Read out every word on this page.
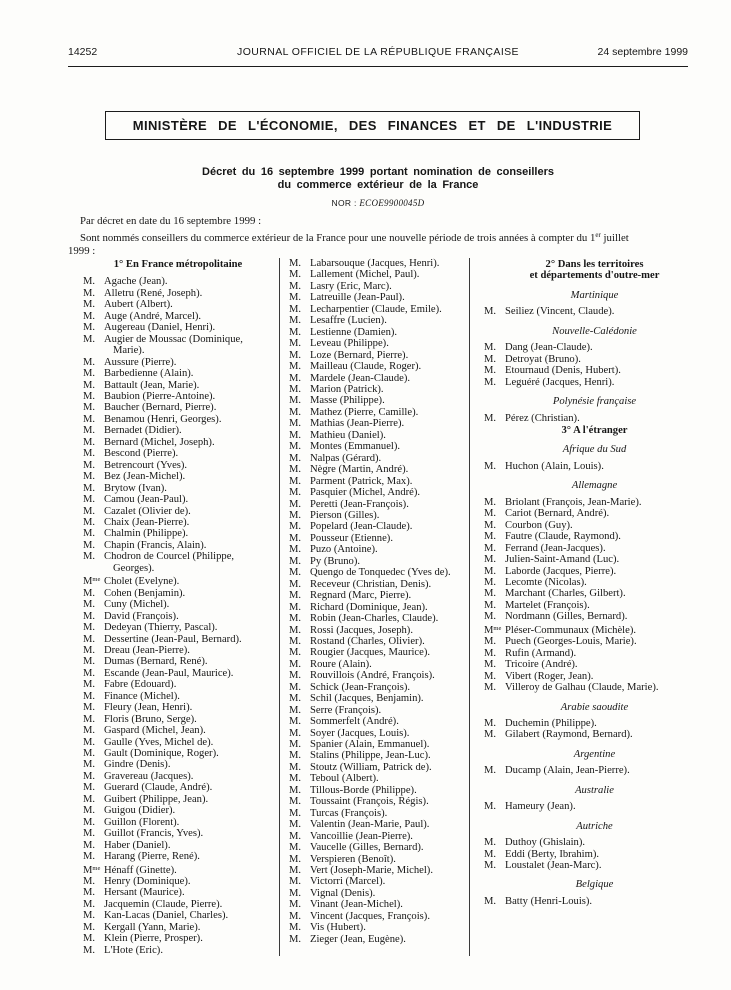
14252	JOURNAL OFFICIEL DE LA RÉPUBLIQUE FRANÇAISE	24 septembre 1999
MINISTÈRE DE L'ÉCONOMIE, DES FINANCES ET DE L'INDUSTRIE
Décret du 16 septembre 1999 portant nomination de conseillers
du commerce extérieur de la France
NOR : ECOE9900045D
Par décret en date du 16 septembre 1999 :
Sont nommés conseillers du commerce extérieur de la France pour une nouvelle période de trois années à compter du 1er juillet
1999 :
1° En France métropolitaine
M. Agache (Jean).
M. Alletru (René, Joseph).
M. Aubert (Albert).
M. Auge (André, Marcel).
M. Augereau (Daniel, Henri).
M. Augier de Moussac (Dominique, Marie).
M. Aussure (Pierre).
M. Barbedienne (Alain).
M. Battault (Jean, Marie).
M. Baubion (Pierre-Antoine).
M. Baucher (Bernard, Pierre).
M. Benamou (Henri, Georges).
M. Bernadet (Didier).
M. Bernard (Michel, Joseph).
M. Bescond (Pierre).
M. Betrencourt (Yves).
M. Bez (Jean-Michel).
M. Brytow (Ivan).
M. Camou (Jean-Paul).
M. Cazalet (Olivier de).
M. Chaix (Jean-Pierre).
M. Chalmin (Philippe).
M. Chapin (Francis, Alain).
M. Chodron de Courcel (Philippe, Georges).
$M^{me}$ Cholet (Evelyne).
M. Cohen (Benjamin).
M. Cuny (Michel).
M. David (François).
M. Dedeyan (Thierry, Pascal).
M. Dessertine (Jean-Paul, Bernard).
M. Dreau (Jean-Pierre).
M. Dumas (Bernard, René).
M. Escande (Jean-Paul, Maurice).
M. Fabre (Edouard).
M. Finance (Michel).
M. Fleury (Jean, Henri).
M. Floris (Bruno, Serge).
M. Gaspard (Michel, Jean).
M. Gaulle (Yves, Michel de).
M. Gault (Dominique, Roger).
M. Gindre (Denis).
M. Gravereau (Jacques).
M. Guerard (Claude, André).
M. Guibert (Philippe, Jean).
M. Guigou (Didier).
M. Guillon (Florent).
M. Guillot (Francis, Yves).
M. Haber (Daniel).
M. Harang (Pierre, René).
$M^{me}$ Hénaff (Ginette).
M. Henry (Dominique).
M. Hersant (Maurice).
M. Jacquemin (Claude, Pierre).
M. Kan-Lacas (Daniel, Charles).
M. Kergall (Yann, Marie).
M. Klein (Pierre, Prosper).
M. L'Hote (Eric).
M. Labarsouque (Jacques, Henri).
M. Lallement (Michel, Paul).
M. Lasry (Eric, Marc).
M. Latreuille (Jean-Paul).
M. Lecharpentier (Claude, Emile).
M. Lesaffre (Lucien).
M. Lestienne (Damien).
M. Leveau (Philippe).
M. Loze (Bernard, Pierre).
M. Mailleau (Claude, Roger).
M. Mardele (Jean-Claude).
M. Marion (Patrick).
M. Masse (Philippe).
M. Mathez (Pierre, Camille).
M. Mathias (Jean-Pierre).
M. Mathieu (Daniel).
M. Montes (Emmanuel).
M. Nalpas (Gérard).
M. Nègre (Martin, André).
M. Parment (Patrick, Max).
M. Pasquier (Michel, André).
M. Peretti (Jean-François).
M. Pierson (Gilles).
M. Popelard (Jean-Claude).
M. Pousseur (Etienne).
M. Puzo (Antoine).
M. Py (Bruno).
M. Quengo de Tonquedec (Yves de).
M. Receveur (Christian, Denis).
M. Regnard (Marc, Pierre).
M. Richard (Dominique, Jean).
M. Robin (Jean-Charles, Claude).
M. Rossi (Jacques, Joseph).
M. Rostand (Charles, Olivier).
M. Rougier (Jacques, Maurice).
M. Roure (Alain).
M. Rouvillois (André, François).
M. Schick (Jean-François).
M. Schil (Jacques, Benjamin).
M. Serre (François).
M. Sommerfelt (André).
M. Soyer (Jacques, Louis).
M. Spanier (Alain, Emmanuel).
M. Stalins (Philippe, Jean-Luc).
M. Stoutz (William, Patrick de).
M. Teboul (Albert).
M. Tillous-Borde (Philippe).
M. Toussaint (François, Régis).
M. Turcas (François).
M. Valentin (Jean-Marie, Paul).
M. Vancoillie (Jean-Pierre).
M. Vaucelle (Gilles, Bernard).
M. Verspieren (Benoît).
M. Vert (Joseph-Marie, Michel).
M. Victorri (Marcel).
M. Vignal (Denis).
M. Vinant (Jean-Michel).
M. Vincent (Jacques, François).
M. Vis (Hubert).
M. Zieger (Jean, Eugène).
2° Dans les territoires
et départements d'outre-mer
Martinique
M. Seiliez (Vincent, Claude).
Nouvelle-Calédonie
M. Dang (Jean-Claude).
M. Detroyat (Bruno).
M. Etournaud (Denis, Hubert).
M. Leguéré (Jacques, Henri).
Polynésie française
M. Pérez (Christian).
3° A l'étranger
Afrique du Sud
M. Huchon (Alain, Louis).
Allemagne
M. Briolant (François, Jean-Marie).
M. Cariot (Bernard, André).
M. Courbon (Guy).
M. Fautre (Claude, Raymond).
M. Ferrand (Jean-Jacques).
M. Julien-Saint-Amand (Luc).
M. Laborde (Jacques, Pierre).
M. Lecomte (Nicolas).
M. Marchant (Charles, Gilbert).
M. Martelet (François).
M. Nordmann (Gilles, Bernard).
$M^{me}$ Pléser-Communaux (Michèle).
M. Puech (Georges-Louis, Marie).
M. Rufin (Armand).
M. Tricoire (André).
M. Vibert (Roger, Jean).
M. Villeroy de Galhau (Claude, Marie).
Arabie saoudite
M. Duchemin (Philippe).
M. Gilabert (Raymond, Bernard).
Argentine
M. Ducamp (Alain, Jean-Pierre).
Australie
M. Hameury (Jean).
Autriche
M. Duthoy (Ghislain).
M. Eddi (Berty, Ibrahim).
M. Loustalet (Jean-Marc).
Belgique
M. Batty (Henri-Louis).
